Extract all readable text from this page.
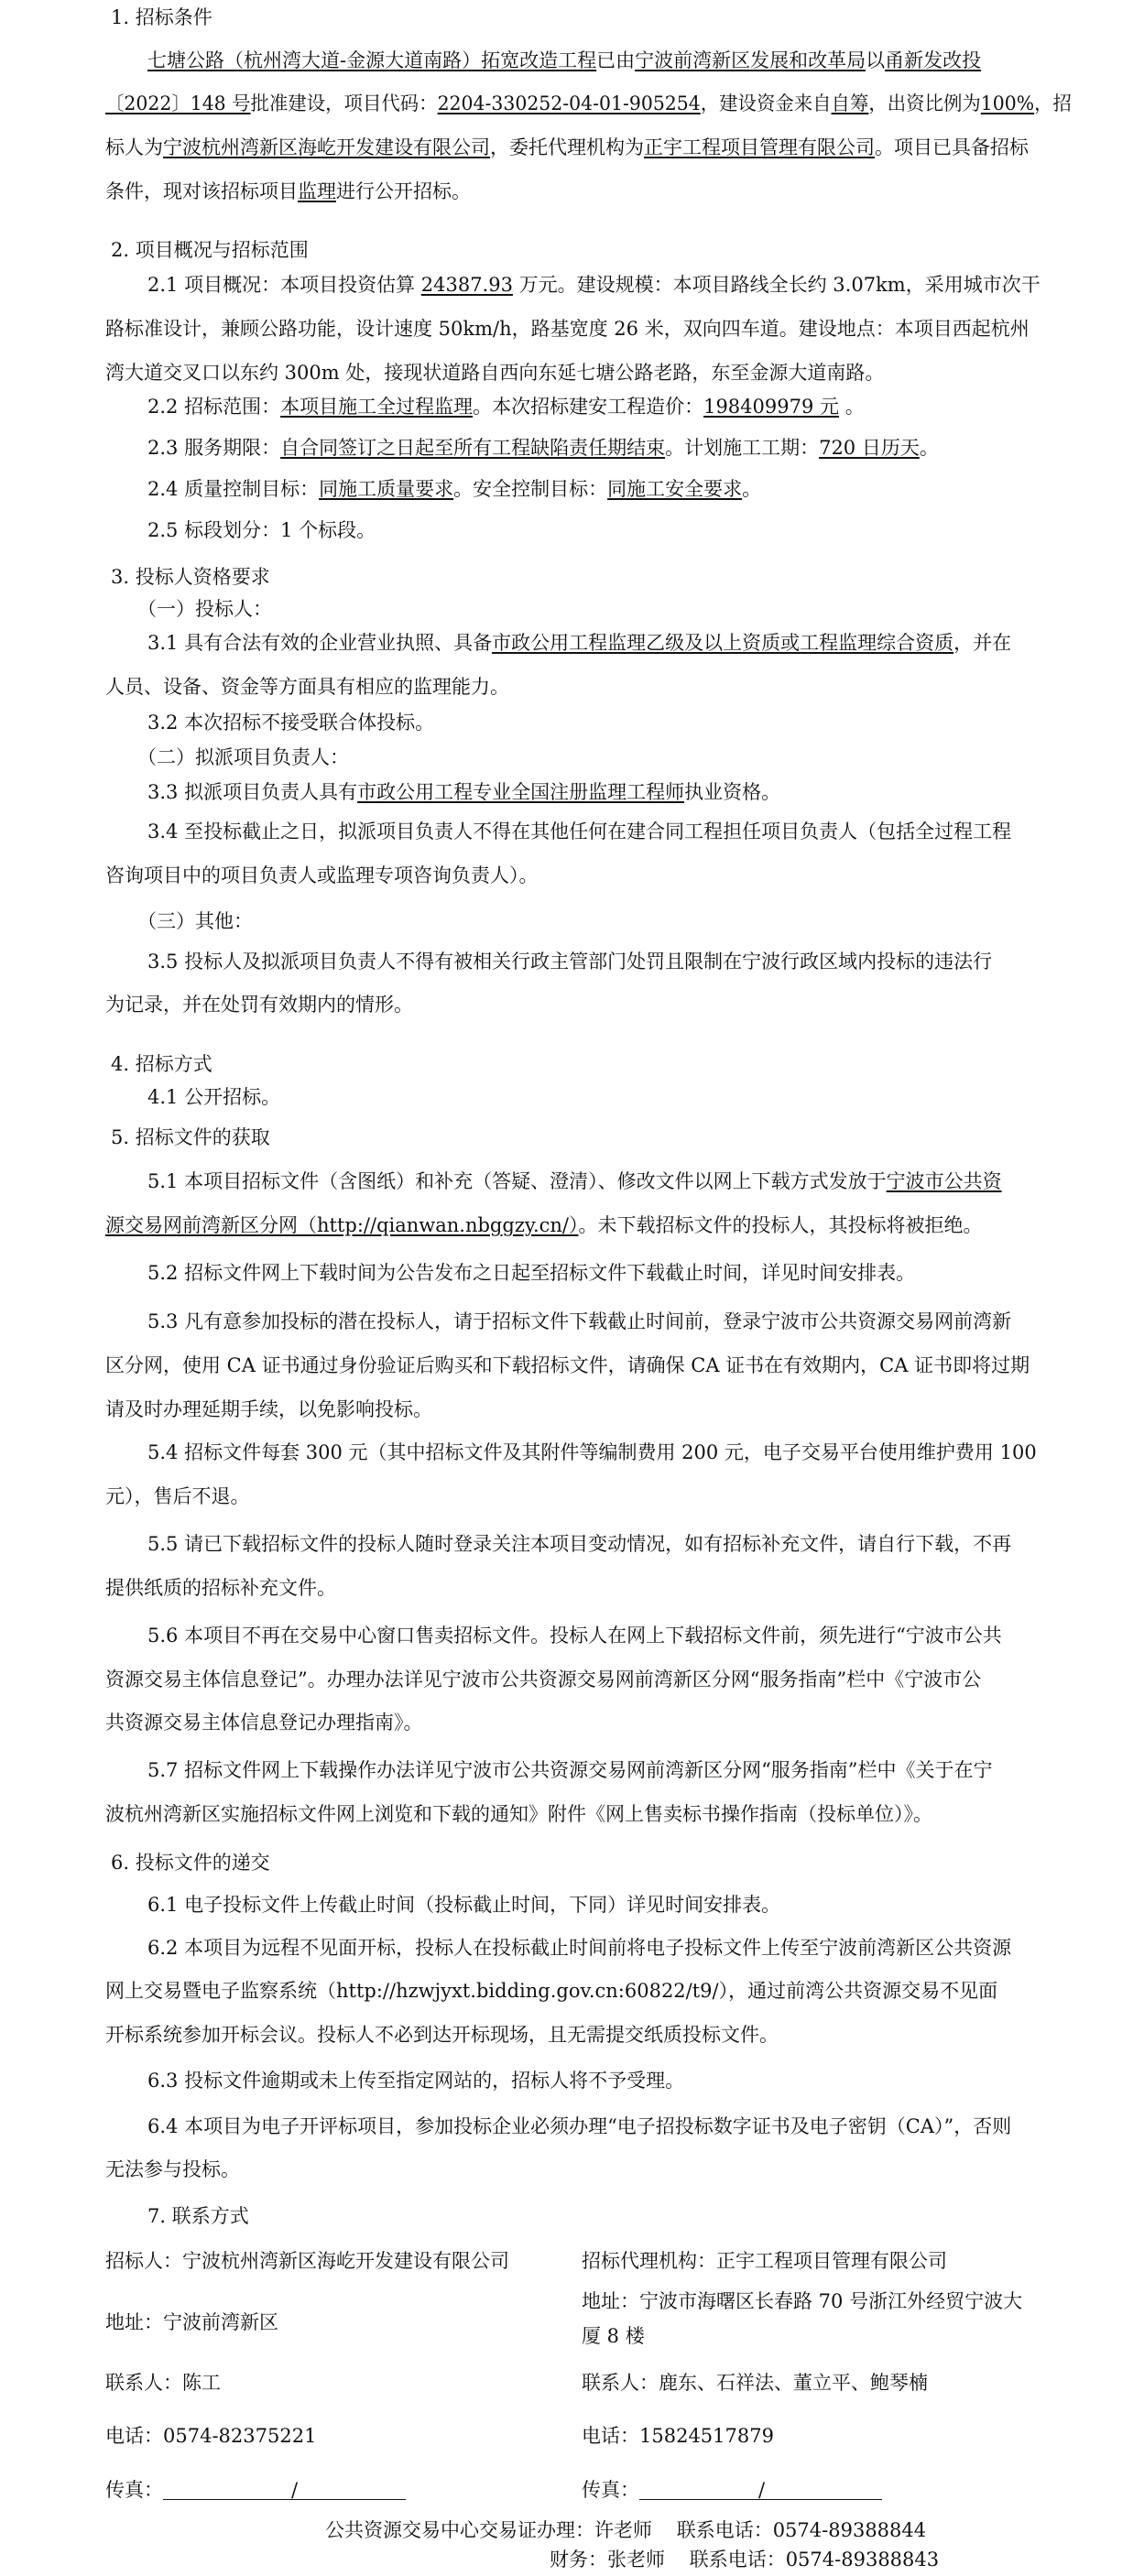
1. 招标条件
七塘公路（杭州湾大道-金源大道南路）拓宽改造工程已由宁波前湾新区发展和改革局以甬新发改投
〔2022〕148 号批准建设，项目代码：2204-330252-04-01-905254，建设资金来自自筹，出资比例为100%，招
标人为宁波杭州湾新区海屹开发建设有限公司，委托代理机构为正宇工程项目管理有限公司。项目已具备招标
条件，现对该招标项目监理进行公开招标。
2. 项目概况与招标范围
2.1 项目概况：本项目投资估算 24387.93 万元。建设规模：本项目路线全长约 3.07km，采用城市次干
路标准设计，兼顾公路功能，设计速度 50km/h，路基宽度 26 米，双向四车道。建设地点：本项目西起杭州
湾大道交叉口以东约 300m 处，接现状道路自西向东延七塘公路老路，东至金源大道南路。
2.2 招标范围：本项目施工全过程监理。本次招标建安工程造价：198409979 元 。
2.3 服务期限：自合同签订之日起至所有工程缺陷责任期结束。计划施工工期：720 日历天。
2.4 质量控制目标：同施工质量要求。安全控制目标：同施工安全要求。
2.5 标段划分：1 个标段。
3. 投标人资格要求
（一）投标人：
3.1 具有合法有效的企业营业执照、具备市政公用工程监理乙级及以上资质或工程监理综合资质，并在
人员、设备、资金等方面具有相应的监理能力。
3.2 本次招标不接受联合体投标。
（二）拟派项目负责人：
3.3 拟派项目负责人具有市政公用工程专业全国注册监理工程师执业资格。
3.4 至投标截止之日，拟派项目负责人不得在其他任何在建合同工程担任项目负责人（包括全过程工程
咨询项目中的项目负责人或监理专项咨询负责人）。
（三）其他：
3.5 投标人及拟派项目负责人不得有被相关行政主管部门处罚且限制在宁波行政区域内投标的违法行
为记录，并在处罚有效期内的情形。
4. 招标方式
4.1 公开招标。
5. 招标文件的获取
5.1 本项目招标文件（含图纸）和补充（答疑、澄清）、修改文件以网上下载方式发放于宁波市公共资
源交易网前湾新区分网（http://qianwan.nbggzy.cn/）。未下载招标文件的投标人，其投标将被拒绝。
5.2 招标文件网上下载时间为公告发布之日起至招标文件下载截止时间，详见时间安排表。
5.3 凡有意参加投标的潜在投标人，请于招标文件下载截止时间前，登录宁波市公共资源交易网前湾新
区分网，使用 CA 证书通过身份验证后购买和下载招标文件，请确保 CA 证书在有效期内，CA 证书即将过期
请及时办理延期手续，以免影响投标。
5.4 招标文件每套 300 元（其中招标文件及其附件等编制费用 200 元，电子交易平台使用维护费用 100
元），售后不退。
5.5 请已下载招标文件的投标人随时登录关注本项目变动情况，如有招标补充文件，请自行下载，不再
提供纸质的招标补充文件。
5.6 本项目不再在交易中心窗口售卖招标文件。投标人在网上下载招标文件前，须先进行“宁波市公共
资源交易主体信息登记”。办理办法详见宁波市公共资源交易网前湾新区分网“服务指南”栏中《宁波市公
共资源交易主体信息登记办理指南》。
5.7 招标文件网上下载操作办法详见宁波市公共资源交易网前湾新区分网“服务指南”栏中《关于在宁
波杭州湾新区实施招标文件网上浏览和下载的通知》附件《网上售卖标书操作指南（投标单位）》。
6. 投标文件的递交
6.1 电子投标文件上传截止时间（投标截止时间，下同）详见时间安排表。
6.2 本项目为远程不见面开标，投标人在投标截止时间前将电子投标文件上传至宁波前湾新区公共资源
网上交易暨电子监察系统（http://hzwjyxt.bidding.gov.cn:60822/t9/），通过前湾公共资源交易不见面
开标系统参加开标会议。投标人不必到达开标现场，且无需提交纸质投标文件。
6.3 投标文件逾期或未上传至指定网站的，招标人将不予受理。
6.4 本项目为电子开评标项目，参加投标企业必须办理“电子招投标数字证书及电子密钥（CA）”，否则
无法参与投标。
7. 联系方式
招标人：宁波杭州湾新区海屹开发建设有限公司
地址：宁波前湾新区
联系人：陈工
电话：0574-82375221
传真：	/
招标代理机构：正宇工程项目管理有限公司
地址：宁波市海曙区长春路 70 号浙江外经贸宁波大
厦 8 楼
联系人：鹿东、石祥法、董立平、鲍琴楠
电话：15824517879
传真：	/
公共资源交易中心交易证办理：许老师    联系电话：0574-89388844
财务：张老师    联系电话：0574-89388843
